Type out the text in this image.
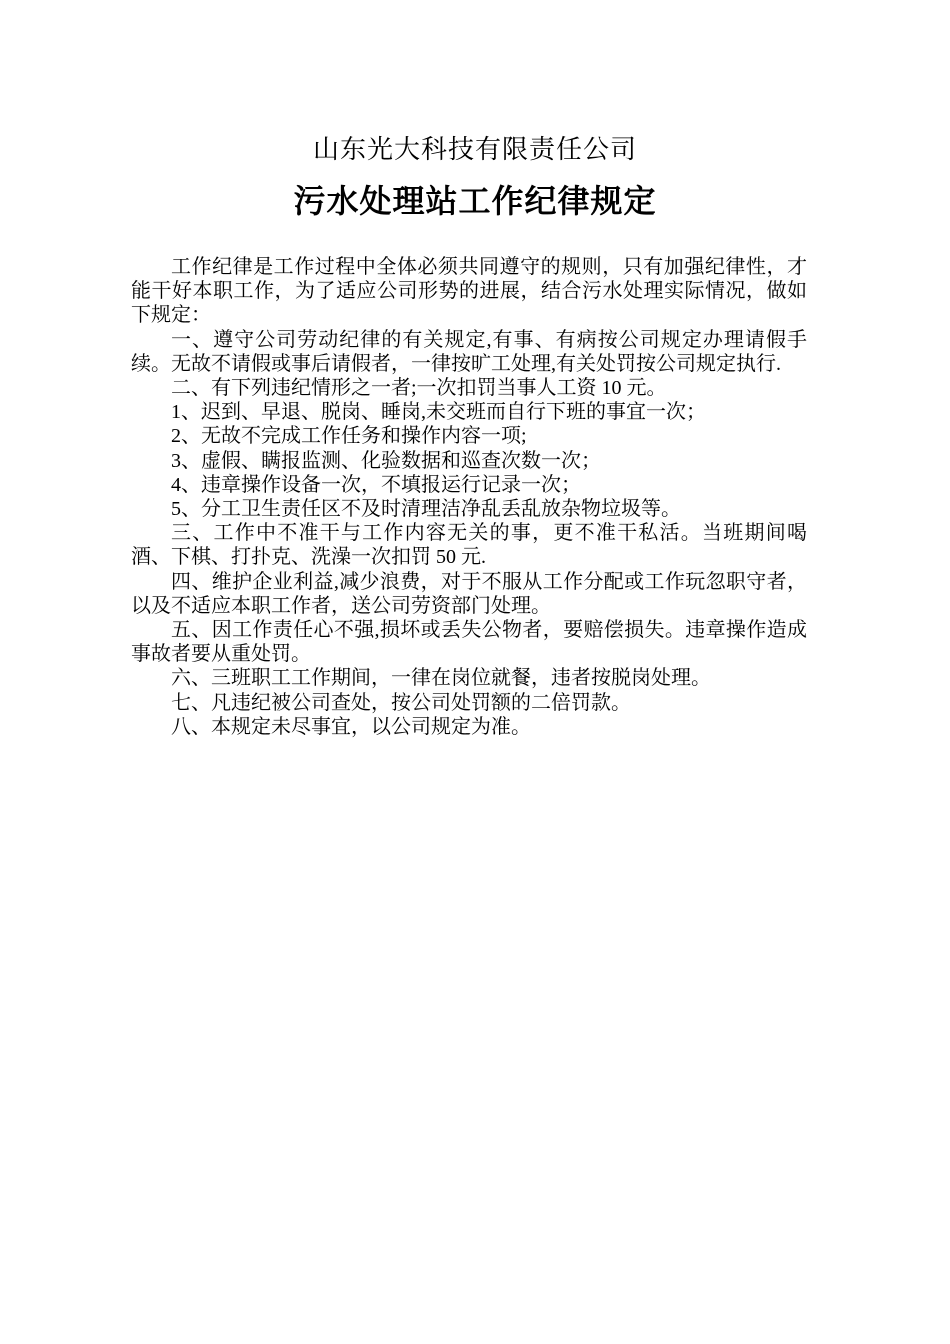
山东光大科技有限责任公司
污水处理站工作纪律规定

工作纪律是工作过程中全体必须共同遵守的规则，只有加强纪律性，才能干好本职工作，为了适应公司形势的进展，结合污水处理实际情况，做如下规定：

一、遵守公司劳动纪律的有关规定,有事、有病按公司规定办理请假手续。无故不请假或事后请假者，一律按旷工处理,有关处罚按公司规定执行.

二、有下列违纪情形之一者;一次扣罚当事人工资 10 元。

1、迟到、早退、脱岗、睡岗,未交班而自行下班的事宜一次；

2、无故不完成工作任务和操作内容一项;

3、虚假、瞒报监测、化验数据和巡查次数一次；

4、违章操作设备一次，不填报运行记录一次；

5、分工卫生责任区不及时清理洁净乱丢乱放杂物垃圾等。

三、工作中不准干与工作内容无关的事，更不准干私活。当班期间喝酒、下棋、打扑克、洗澡一次扣罚 50 元.

四、维护企业利益,减少浪费，对于不服从工作分配或工作玩忽职守者，以及不适应本职工作者，送公司劳资部门处理。

五、因工作责任心不强,损坏或丢失公物者，要赔偿损失。违章操作造成事故者要从重处罚。

六、三班职工工作期间，一律在岗位就餐，违者按脱岗处理。

七、凡违纪被公司查处，按公司处罚额的二倍罚款。

八、本规定未尽事宜，以公司规定为准。
